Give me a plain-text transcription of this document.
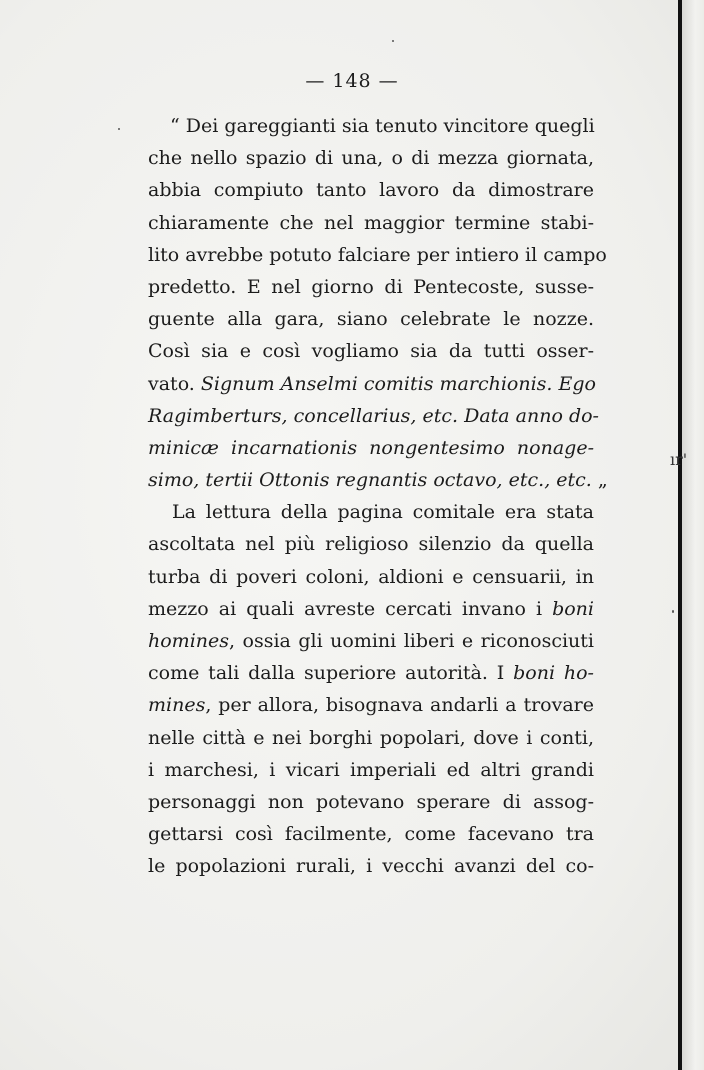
— 148 —
“ Dei gareggianti sia tenuto vincitore quegli
che nello spazio di una, o di mezza giornata,
abbia compiuto tanto lavoro da dimostrare
chiaramente che nel maggior termine stabi-
lito avrebbe potuto falciare per intiero il campo
predetto. E nel giorno di Pentecoste, susse-
guente alla gara, siano celebrate le nozze.
Così sia e così vogliamo sia da tutti osser-
vato. Signum Anselmi comitis marchionis. Ego
Ragimberturs, concellarius, etc. Data anno do-
minicæ incarnationis nongentesimo nonage-
simo, tertii Ottonis regnantis octavo, etc., etc. „
La lettura della pagina comitale era stata
ascoltata nel più religioso silenzio da quella
turba di poveri coloni, aldioni e censuarii, in
mezzo ai quali avreste cercati invano i boni
homines, ossia gli uomini liberi e riconosciuti
come tali dalla superiore autorità. I boni ho-
mines, per allora, bisognava andarli a trovare
nelle città e nei borghi popolari, dove i conti,
i marchesi, i vicari imperiali ed altri grandi
personaggi non potevano sperare di assog-
gettarsi così facilmente, come facevano tra
le popolazioni rurali, i vecchi avanzi del co-
ır'
